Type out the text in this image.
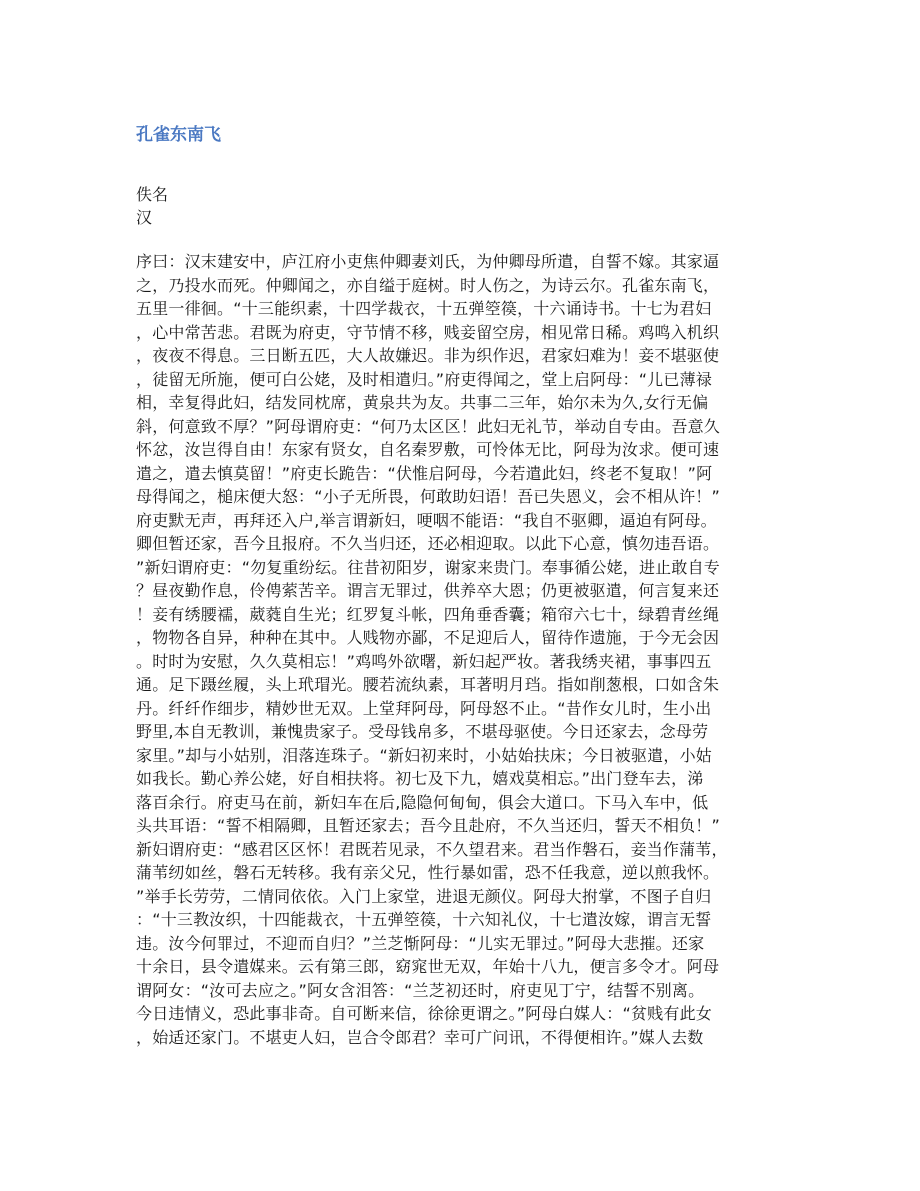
孔雀东南飞

佚名

汉

序曰：汉末建安中，庐江府小吏焦仲卿妻刘氏，为仲卿母所遣，自誓不嫁。其家逼
之，乃投水而死。仲卿闻之，亦自缢于庭树。时人伤之，为诗云尔。孔雀东南飞，
五里一徘徊。“十三能织素，十四学裁衣，十五弹箜篌，十六诵诗书。十七为君妇
，心中常苦悲。君既为府吏，守节情不移，贱妾留空房，相见常日稀。鸡鸣入机织
，夜夜不得息。三日断五匹，大人故嫌迟。非为织作迟，君家妇难为！妾不堪驱使
，徒留无所施，便可白公姥，及时相遣归。”府吏得闻之，堂上启阿母：“儿已薄禄
相，幸复得此妇，结发同枕席，黄泉共为友。共事二三年，始尔未为久,女行无偏
斜，何意致不厚？”阿母谓府吏：“何乃太区区！此妇无礼节，举动自专由。吾意久
怀忿，汝岂得自由！东家有贤女，自名秦罗敷，可怜体无比，阿母为汝求。便可速
遣之，遣去慎莫留！”府吏长跪告：“伏惟启阿母，今若遣此妇，终老不复取！”阿
母得闻之，槌床便大怒：“小子无所畏，何敢助妇语！吾已失恩义，会不相从许！”
府吏默无声，再拜还入户,举言谓新妇，哽咽不能语：“我自不驱卿，逼迫有阿母。
卿但暂还家，吾今且报府。不久当归还，还必相迎取。以此下心意，慎勿违吾语。
”新妇谓府吏：“勿复重纷纭。往昔初阳岁，谢家来贵门。奉事循公姥，进止敢自专
？昼夜勤作息，伶俜萦苦辛。谓言无罪过，供养卒大恩；仍更被驱遣，何言复来还
！妾有绣腰襦，葳蕤自生光；红罗复斗帐，四角垂香囊；箱帘六七十，绿碧青丝绳
，物物各自异，种种在其中。人贱物亦鄙，不足迎后人，留待作遗施，于今无会因
。时时为安慰，久久莫相忘！”鸡鸣外欲曙，新妇起严妆。著我绣夹裙，事事四五
通。足下蹑丝履，头上玳瑁光。腰若流纨素，耳著明月珰。指如削葱根，口如含朱
丹。纤纤作细步，精妙世无双。上堂拜阿母，阿母怒不止。“昔作女儿时，生小出
野里,本自无教训，兼愧贵家子。受母钱帛多，不堪母驱使。今日还家去，念母劳
家里。”却与小姑别，泪落连珠子。“新妇初来时，小姑始扶床；今日被驱遣，小姑
如我长。勤心养公姥，好自相扶将。初七及下九，嬉戏莫相忘。”出门登车去，涕
落百余行。府吏马在前，新妇车在后,隐隐何甸甸，俱会大道口。下马入车中，低
头共耳语：“誓不相隔卿，且暂还家去；吾今且赴府，不久当还归，誓天不相负！”
新妇谓府吏：“感君区区怀！君既若见录，不久望君来。君当作磐石，妾当作蒲苇，
蒲苇纫如丝，磐石无转移。我有亲父兄，性行暴如雷，恐不任我意，逆以煎我怀。
”举手长劳劳，二情同依依。入门上家堂，进退无颜仪。阿母大拊掌，不图子自归
：“十三教汝织，十四能裁衣，十五弹箜篌，十六知礼仪，十七遣汝嫁，谓言无誓
违。汝今何罪过，不迎而自归？”兰芝惭阿母：“儿实无罪过。”阿母大悲摧。还家
十余日，县令遣媒来。云有第三郎，窈窕世无双，年始十八九，便言多令才。阿母
谓阿女：“汝可去应之。”阿女含泪答：“兰芝初还时，府吏见丁宁，结誓不别离。
今日违情义，恐此事非奇。自可断来信，徐徐更谓之。”阿母白媒人：“贫贱有此女
，始适还家门。不堪吏人妇，岂合令郎君？幸可广问讯，不得便相许。”媒人去数
